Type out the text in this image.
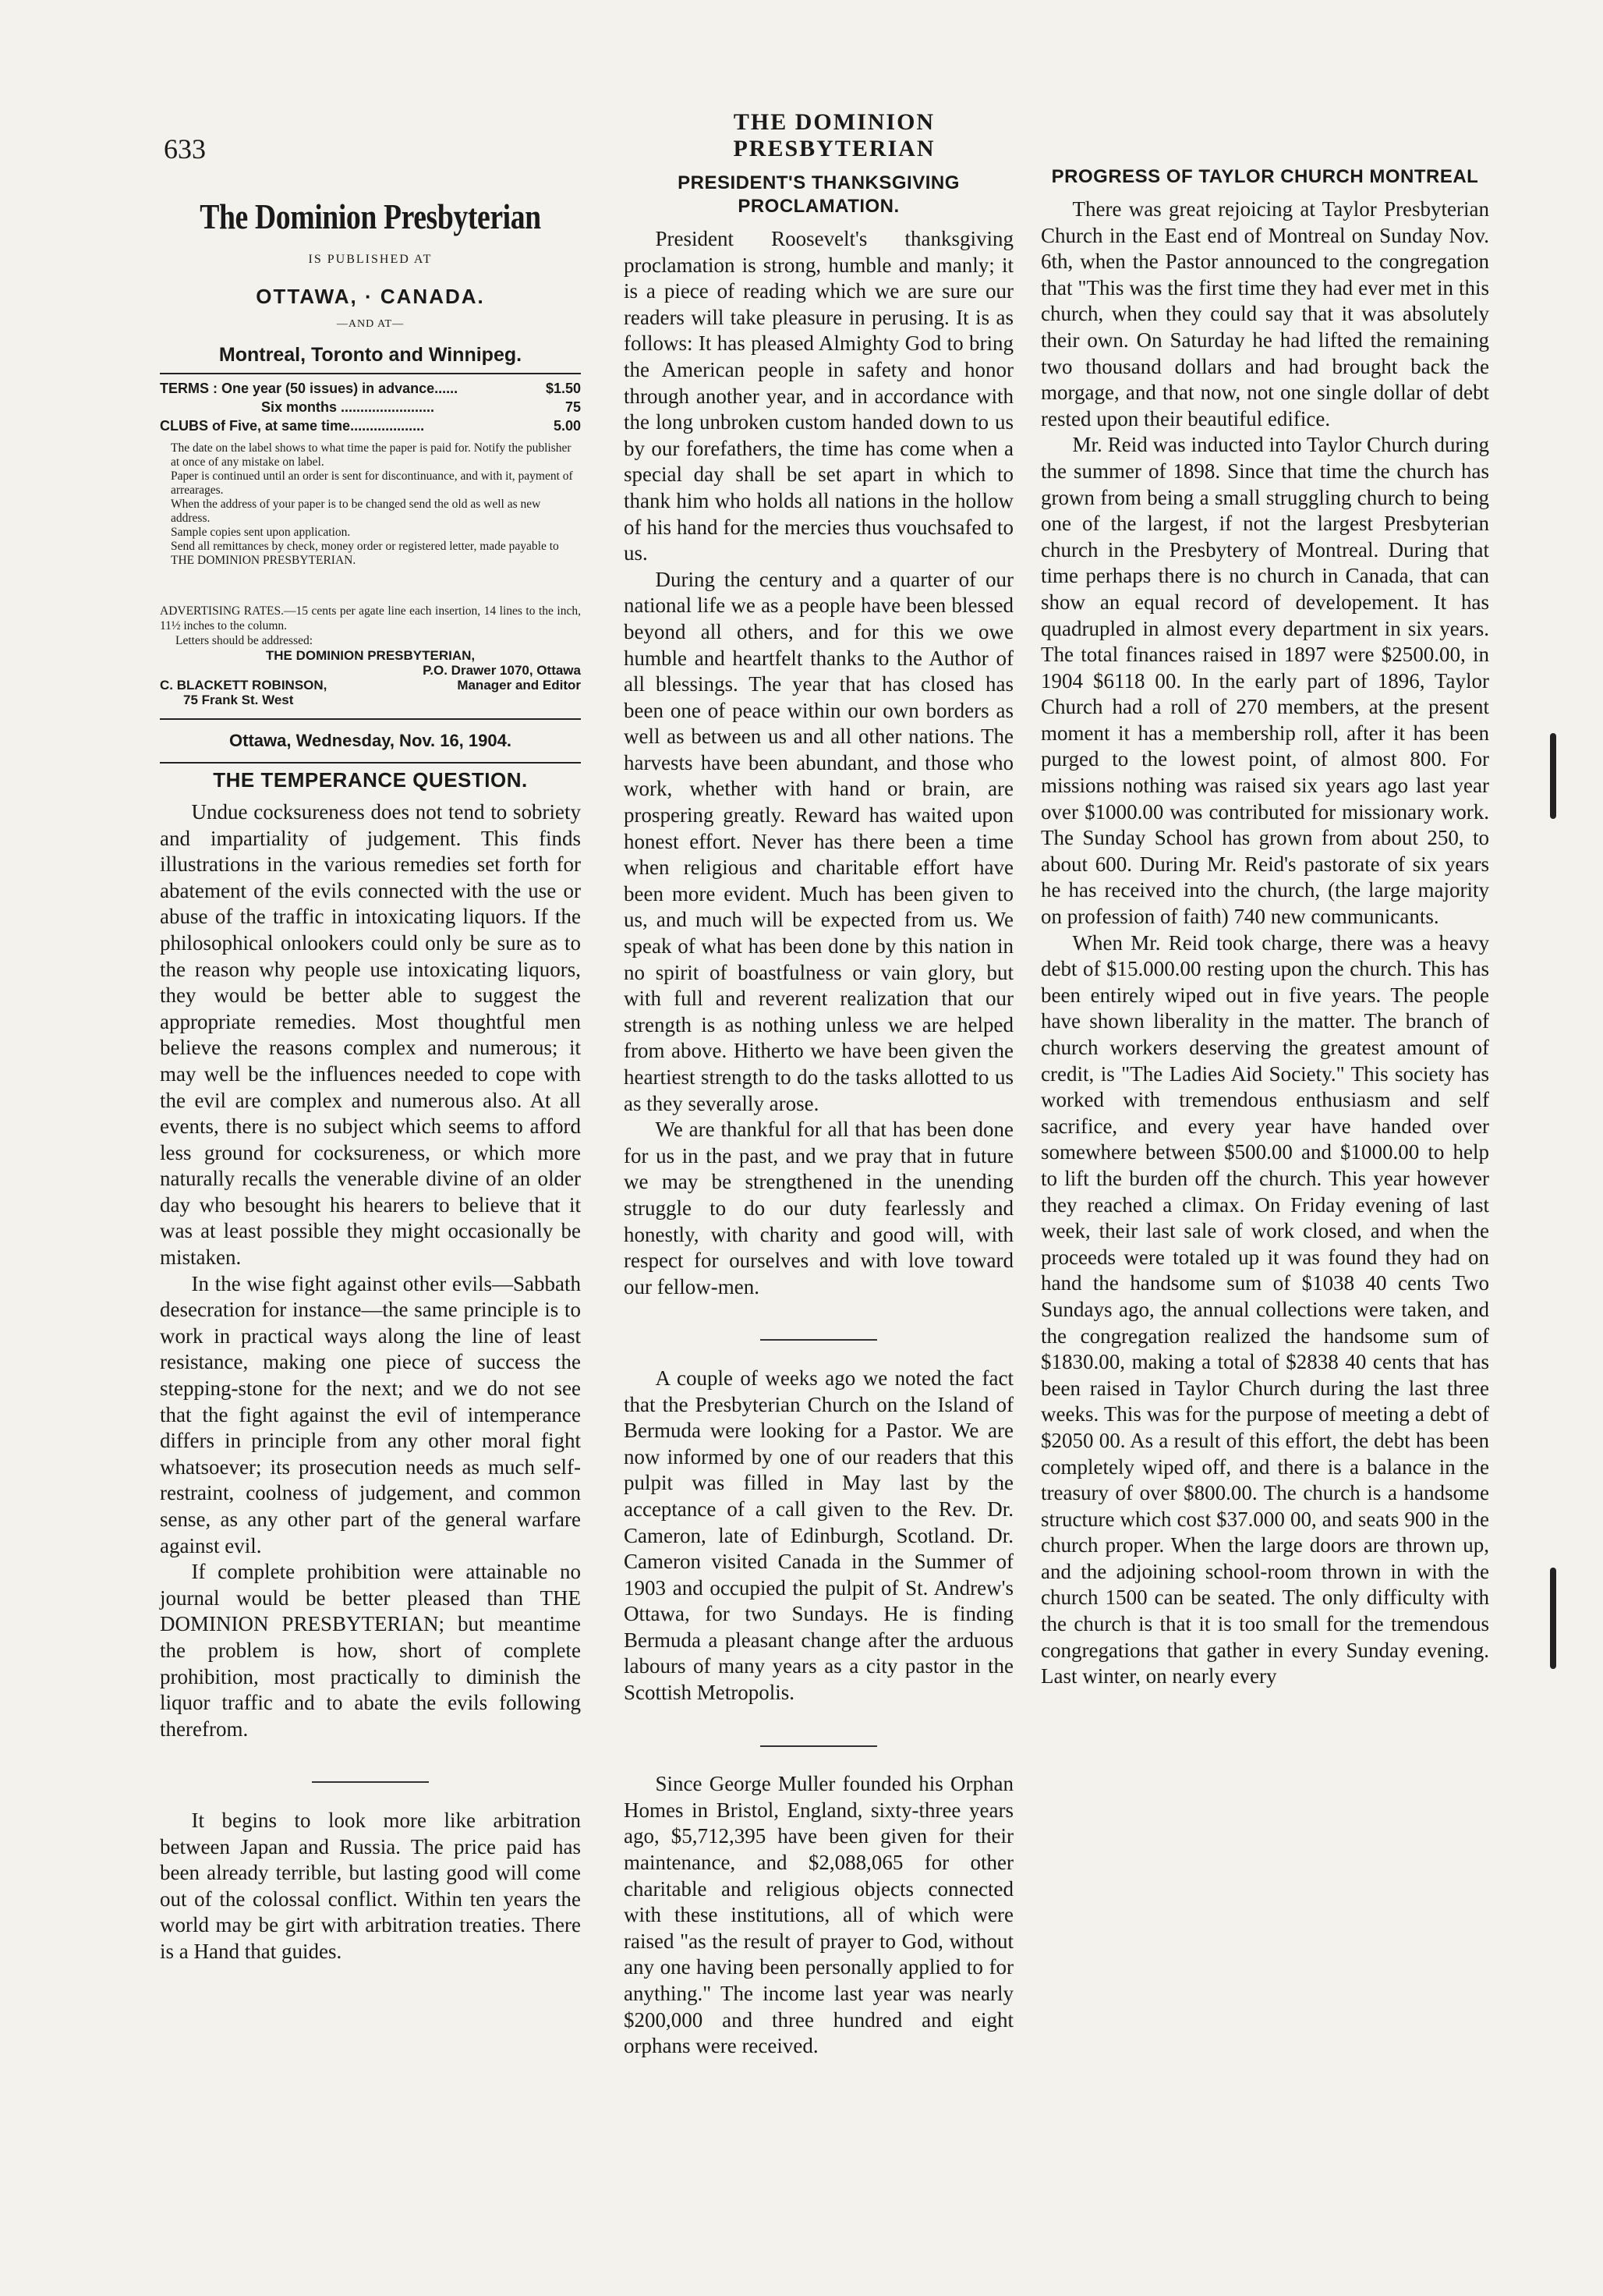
633
THE DOMINION PRESBYTERIAN
The Dominion Presbyterian
IS PUBLISHED AT
OTTAWA, · CANADA.
—AND AT—
Montreal, Toronto and Winnipeg.
TERMS : One year (50 issues) in advance......	$1.50
Six months ........................	75
CLUBS of Five, at same time...................	5.00
The date on the label shows to what time the paper is paid for. Notify the publisher at once of any mistake on label.
Paper is continued until an order is sent for discontinuance, and with it, payment of arrearages.
When the address of your paper is to be changed send the old as well as new address.
Sample copies sent upon application.
Send all remittances by check, money order or registered letter, made payable to THE DOMINION PRESBYTERIAN.
ADVERTISING RATES.—15 cents per agate line each insertion, 14 lines to the inch, 11½ inches to the column.
Letters should be addressed:
THE DOMINION PRESBYTERIAN,
P.O. Drawer 1070, Ottawa
C. BLACKETT ROBINSON,	Manager and Editor
75 Frank St. West
Ottawa, Wednesday, Nov. 16, 1904.
THE TEMPERANCE QUESTION.

Undue cocksureness does not tend to sobriety and impartiality of judgement. This finds illustrations in the various remedies set forth for abatement of the evils connected with the use or abuse of the traffic in intoxicating liquors. If the philosophical onlookers could only be sure as to the reason why people use intoxicating liquors, they would be better able to suggest the appropriate remedies. Most thoughtful men believe the reasons complex and numerous; it may well be the influences needed to cope with the evil are complex and numerous also. At all events, there is no subject which seems to afford less ground for cocksureness, or which more naturally recalls the venerable divine of an older day who besought his hearers to believe that it was at least possible they might occasionally be mistaken.

In the wise fight against other evils—Sabbath desecration for instance—the same principle is to work in practical ways along the line of least resistance, making one piece of success the stepping-stone for the next; and we do not see that the fight against the evil of intemperance differs in principle from any other moral fight whatsoever; its prosecution needs as much self-restraint, coolness of judgement, and common sense, as any other part of the general warfare against evil.

If complete prohibition were attainable no journal would be better pleased than THE DOMINION PRESBYTERIAN; but meantime the problem is how, short of complete prohibition, most practically to diminish the liquor traffic and to abate the evils following therefrom.

It begins to look more like arbitration between Japan and Russia. The price paid has been already terrible, but lasting good will come out of the colossal conflict. Within ten years the world may be girt with arbitration treaties. There is a Hand that guides.

PRESIDENT'S THANKSGIVING PROCLAMATION.

President Roosevelt's thanksgiving proclamation is strong, humble and manly; it is a piece of reading which we are sure our readers will take pleasure in perusing. It is as follows: It has pleased Almighty God to bring the American people in safety and honor through another year, and in accordance with the long unbroken custom handed down to us by our forefathers, the time has come when a special day shall be set apart in which to thank him who holds all nations in the hollow of his hand for the mercies thus vouchsafed to us.

During the century and a quarter of our national life we as a people have been blessed beyond all others, and for this we owe humble and heartfelt thanks to the Author of all blessings. The year that has closed has been one of peace within our own borders as well as between us and all other nations. The harvests have been abundant, and those who work, whether with hand or brain, are prospering greatly. Reward has waited upon honest effort. Never has there been a time when religious and charitable effort have been more evident. Much has been given to us, and much will be expected from us. We speak of what has been done by this nation in no spirit of boastfulness or vain glory, but with full and reverent realization that our strength is as nothing unless we are helped from above. Hitherto we have been given the heartiest strength to do the tasks allotted to us as they severally arose.

We are thankful for all that has been done for us in the past, and we pray that in future we may be strengthened in the unending struggle to do our duty fearlessly and honestly, with charity and good will, with respect for ourselves and with love toward our fellow-men.

A couple of weeks ago we noted the fact that the Presbyterian Church on the Island of Bermuda were looking for a Pastor. We are now informed by one of our readers that this pulpit was filled in May last by the acceptance of a call given to the Rev. Dr. Cameron, late of Edinburgh, Scotland. Dr. Cameron visited Canada in the Summer of 1903 and occupied the pulpit of St. Andrew's Ottawa, for two Sundays. He is finding Bermuda a pleasant change after the arduous labours of many years as a city pastor in the Scottish Metropolis.

Since George Muller founded his Orphan Homes in Bristol, England, sixty-three years ago, $5,712,395 have been given for their maintenance, and $2,088,065 for other charitable and religious objects connected with these institutions, all of which were raised "as the result of prayer to God, without any one having been personally applied to for anything." The income last year was nearly $200,000 and three hundred and eight orphans were received.

PROGRESS OF TAYLOR CHURCH MONTREAL

There was great rejoicing at Taylor Presbyterian Church in the East end of Montreal on Sunday Nov. 6th, when the Pastor announced to the congregation that "This was the first time they had ever met in this church, when they could say that it was absolutely their own. On Saturday he had lifted the remaining two thousand dollars and had brought back the morgage, and that now, not one single dollar of debt rested upon their beautiful edifice.

Mr. Reid was inducted into Taylor Church during the summer of 1898. Since that time the church has grown from being a small struggling church to being one of the largest, if not the largest Presbyterian church in the Presbytery of Montreal. During that time perhaps there is no church in Canada, that can show an equal record of developement. It has quadrupled in almost every department in six years. The total finances raised in 1897 were $2500.00, in 1904 $6118 00. In the early part of 1896, Taylor Church had a roll of 270 members, at the present moment it has a membership roll, after it has been purged to the lowest point, of almost 800. For missions nothing was raised six years ago last year over $1000.00 was contributed for missionary work. The Sunday School has grown from about 250, to about 600. During Mr. Reid's pastorate of six years he has received into the church, (the large majority on profession of faith) 740 new communicants.

When Mr. Reid took charge, there was a heavy debt of $15.000.00 resting upon the church. This has been entirely wiped out in five years. The people have shown liberality in the matter. The branch of church workers deserving the greatest amount of credit, is "The Ladies Aid Society." This society has worked with tremendous enthusiasm and self sacrifice, and every year have handed over somewhere between $500.00 and $1000.00 to help to lift the burden off the church. This year however they reached a climax. On Friday evening of last week, their last sale of work closed, and when the proceeds were totaled up it was found they had on hand the handsome sum of $1038 40 cents Two Sundays ago, the annual collections were taken, and the congregation realized the handsome sum of $1830.00, making a total of $2838 40 cents that has been raised in Taylor Church during the last three weeks. This was for the purpose of meeting a debt of $2050 00. As a result of this effort, the debt has been completely wiped off, and there is a balance in the treasury of over $800.00. The church is a handsome structure which cost $37.000 00, and seats 900 in the church proper. When the large doors are thrown up, and the adjoining school-room thrown in with the church 1500 can be seated. The only difficulty with the church is that it is too small for the tremendous congregations that gather in every Sunday evening. Last winter, on nearly every
